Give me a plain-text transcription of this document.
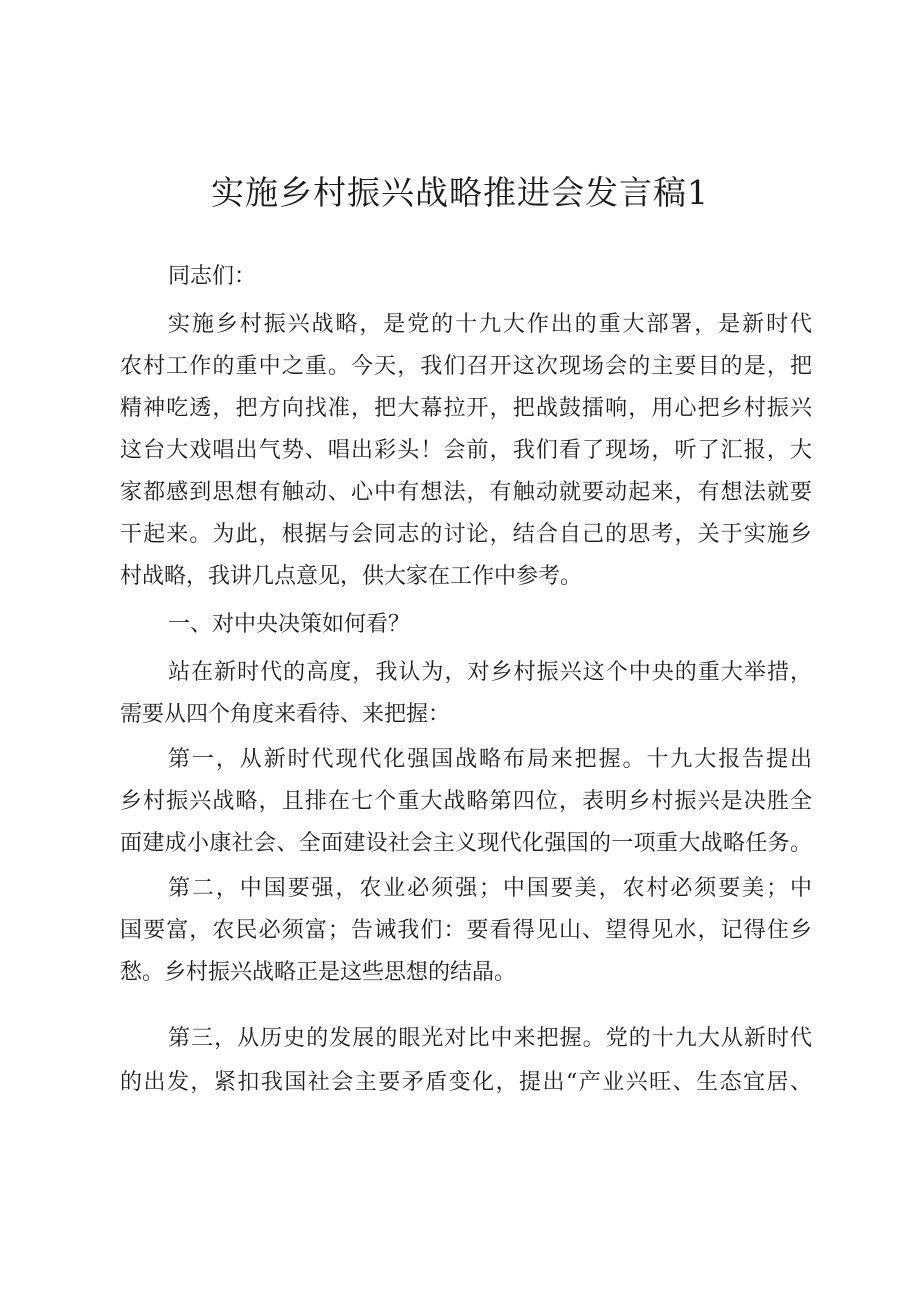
实施乡村振兴战略推进会发言稿1

同志们：

实施乡村振兴战略，是党的十九大作出的重大部署，是新时代

农村工作的重中之重。今天，我们召开这次现场会的主要目的是，把

精神吃透，把方向找准，把大幕拉开，把战鼓擂响，用心把乡村振兴

这台大戏唱出气势、唱出彩头！会前，我们看了现场，听了汇报，大

家都感到思想有触动、心中有想法，有触动就要动起来，有想法就要

干起来。为此，根据与会同志的讨论，结合自己的思考，关于实施乡

村战略，我讲几点意见，供大家在工作中参考。

一、对中央决策如何看？

站在新时代的高度，我认为，对乡村振兴这个中央的重大举措，

需要从四个角度来看待、来把握：

第一，从新时代现代化强国战略布局来把握。十九大报告提出

乡村振兴战略，且排在七个重大战略第四位，表明乡村振兴是决胜全

面建成小康社会、全面建设社会主义现代化强国的一项重大战略任务。

第二，中国要强，农业必须强；中国要美，农村必须要美；中

国要富，农民必须富；告诫我们：要看得见山、望得见水，记得住乡

愁。乡村振兴战略正是这些思想的结晶。

第三，从历史的发展的眼光对比中来把握。党的十九大从新时代

的出发，紧扣我国社会主要矛盾变化，提出“产业兴旺、生态宜居、
